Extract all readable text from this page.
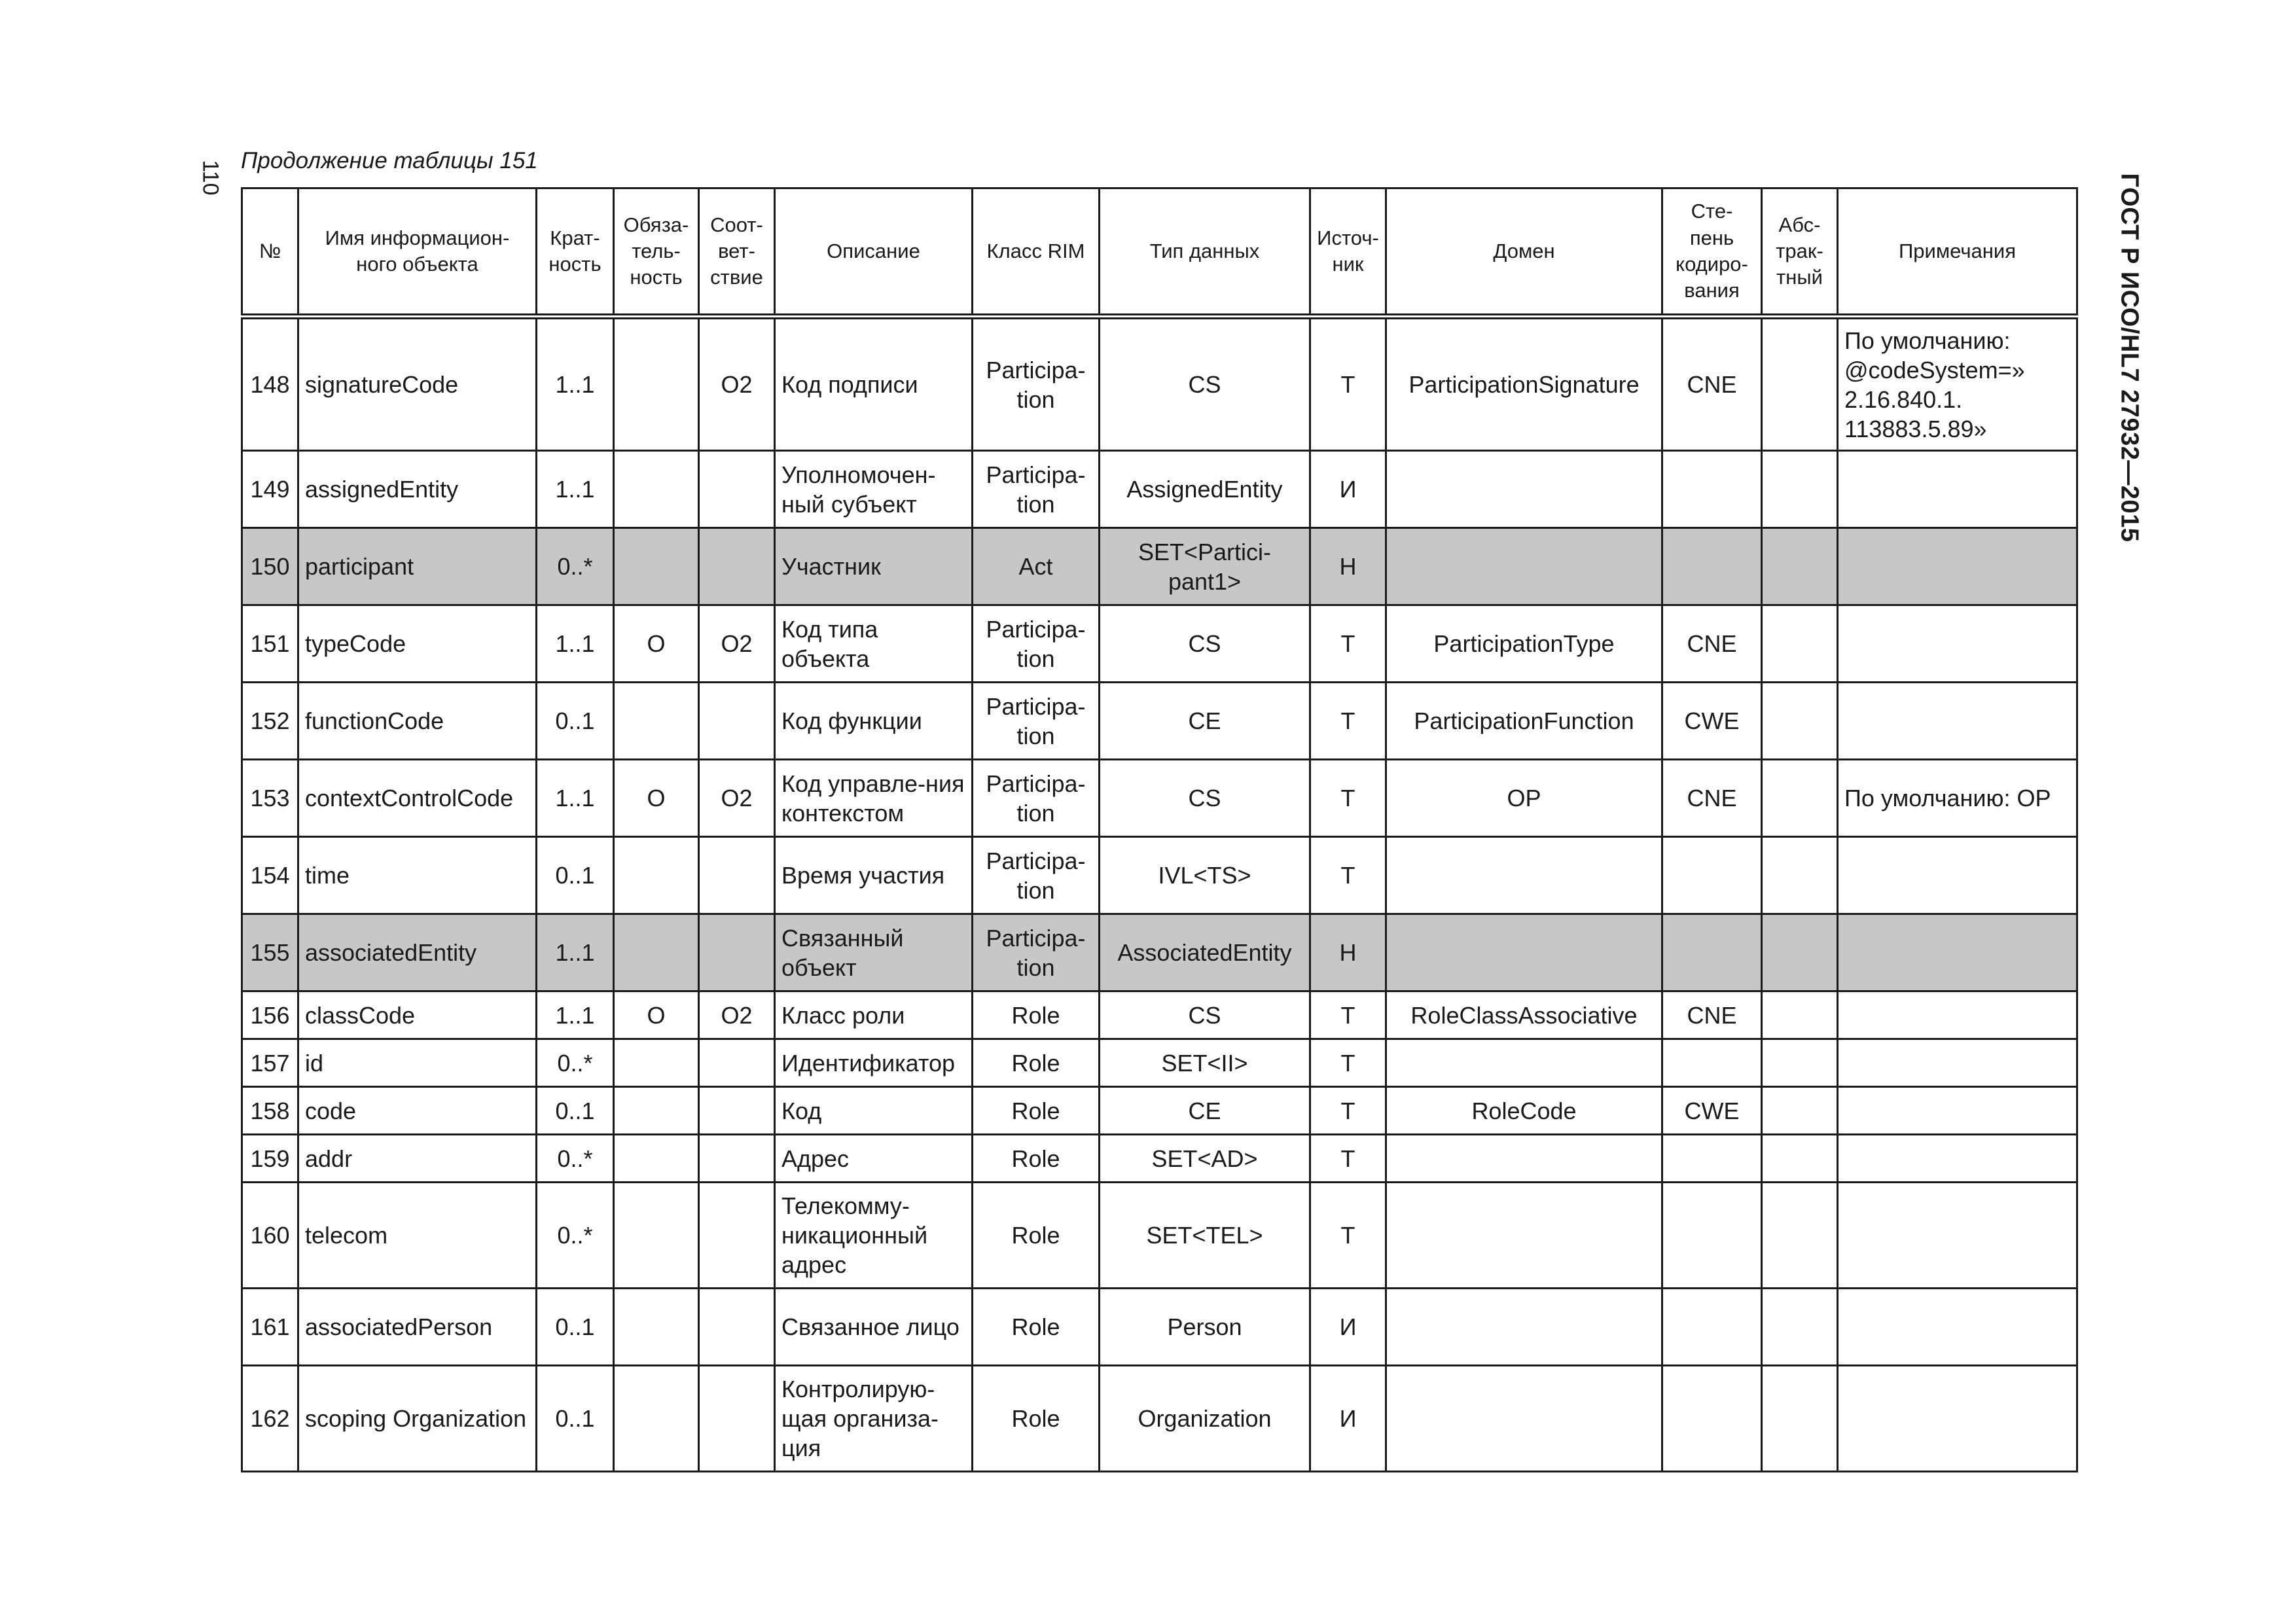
110	ГОСТ Р ИСО/HL7 27932—2015
Продолжение таблицы 151
№	Имя информацион-ного объекта	Крат-ность	Обяза-тель-ность	Соот-вет-ствие	Описание	Класс RIM	Тип данных	Источ-ник	Домен	Сте-пень кодиро-вания	Абс-трак-тный	Примечания
148	signatureCode	1..1		O2	Код подписи	Participa-tion	CS	T	ParticipationSignature	CNE		По умолчанию: @codeSystem=» 2.16.840.1. 113883.5.89»
149	assignedEntity	1..1			Уполномочен-ный субъект	Participa-tion	AssignedEntity	И				
150	participant	0..*			Участник	Act	SET<Partici-pant1>	H				
151	typeCode	1..1	O	O2	Код типа объекта	Participa-tion	CS	T	ParticipationType	CNE		
152	functionCode	0..1			Код функции	Participa-tion	CE	T	ParticipationFunction	CWE		
153	contextControlCode	1..1	O	O2	Код управле-ния контекстом	Participa-tion	CS	T	OP	CNE		По умолчанию: OP
154	time	0..1			Время участия	Participa-tion	IVL<TS>	T				
155	associatedEntity	1..1			Связанный объект	Participa-tion	AssociatedEntity	H				
156	classCode	1..1	O	O2	Класс роли	Role	CS	T	RoleClassAssociative	CNE		
157	id	0..*			Идентификатор	Role	SET<II>	T				
158	code	0..1			Код	Role	CE	T	RoleCode	CWE		
159	addr	0..*			Адрес	Role	SET<AD>	T				
160	telecom	0..*			Телекомму-никационный адрес	Role	SET<TEL>	T				
161	associatedPerson	0..1			Связанное лицо	Role	Person	И				
162	scoping Organization	0..1			Контролирую-щая организа-ция	Role	Organization	И				
